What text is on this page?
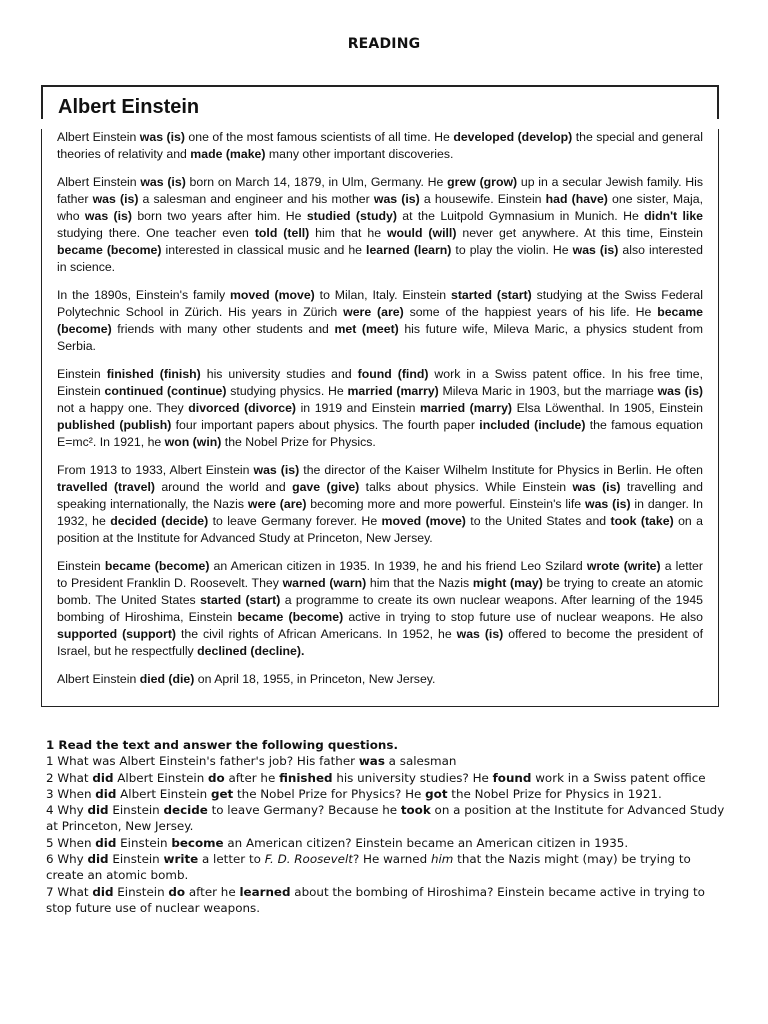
READING
Albert Einstein

Albert Einstein was (is) one of the most famous scientists of all time. He developed (develop) the special and general theories of relativity and made (make) many other important discoveries.

Albert Einstein was (is) born on March 14, 1879, in Ulm, Germany. He grew (grow) up in a secular Jewish family. His father was (is) a salesman and engineer and his mother was (is) a housewife. Einstein had (have) one sister, Maja, who was (is) born two years after him. He studied (study) at the Luitpold Gymnasium in Munich. He didn't like studying there. One teacher even told (tell) him that he would (will) never get anywhere. At this time, Einstein became (become) interested in classical music and he learned (learn) to play the violin. He was (is) also interested in science.

In the 1890s, Einstein's family moved (move) to Milan, Italy. Einstein started (start) studying at the Swiss Federal Polytechnic School in Zürich. His years in Zürich were (are) some of the happiest years of his life. He became (become) friends with many other students and met (meet) his future wife, Mileva Maric, a physics student from Serbia.

Einstein finished (finish) his university studies and found (find) work in a Swiss patent office. In his free time, Einstein continued (continue) studying physics. He married (marry) Mileva Maric in 1903, but the marriage was (is) not a happy one. They divorced (divorce) in 1919 and Einstein married (marry) Elsa Löwenthal. In 1905, Einstein published (publish) four important papers about physics. The fourth paper included (include) the famous equation E=mc². In 1921, he won (win) the Nobel Prize for Physics.

From 1913 to 1933, Albert Einstein was (is) the director of the Kaiser Wilhelm Institute for Physics in Berlin. He often travelled (travel) around the world and gave (give) talks about physics. While Einstein was (is) travelling and speaking internationally, the Nazis were (are) becoming more and more powerful. Einstein's life was (is) in danger. In 1932, he decided (decide) to leave Germany forever. He moved (move) to the United States and took (take) on a position at the Institute for Advanced Study at Princeton, New Jersey.

Einstein became (become) an American citizen in 1935. In 1939, he and his friend Leo Szilard wrote (write) a letter to President Franklin D. Roosevelt. They warned (warn) him that the Nazis might (may) be trying to create an atomic bomb. The United States started (start) a programme to create its own nuclear weapons. After learning of the 1945 bombing of Hiroshima, Einstein became (become) active in trying to stop future use of nuclear weapons. He also supported (support) the civil rights of African Americans. In 1952, he was (is) offered to become the president of Israel, but he respectfully declined (decline).

Albert Einstein died (die) on April 18, 1955, in Princeton, New Jersey.

1 Read the text and answer the following questions.
1 What was Albert Einstein's father's job? His father was a salesman
2 What did Albert Einstein do after he finished his university studies? He found work in a Swiss patent office
3 When did Albert Einstein get the Nobel Prize for Physics? He got the Nobel Prize for Physics in 1921.
4 Why did Einstein decide to leave Germany? Because he took on a position at the Institute for Advanced Study at Princeton, New Jersey.
5 When did Einstein become an American citizen? Einstein became an American citizen in 1935.
6 Why did Einstein write a letter to F. D. Roosevelt? He warned him that the Nazis might (may) be trying to create an atomic bomb.
7 What did Einstein do after he learned about the bombing of Hiroshima? Einstein became active in trying to stop future use of nuclear weapons.
